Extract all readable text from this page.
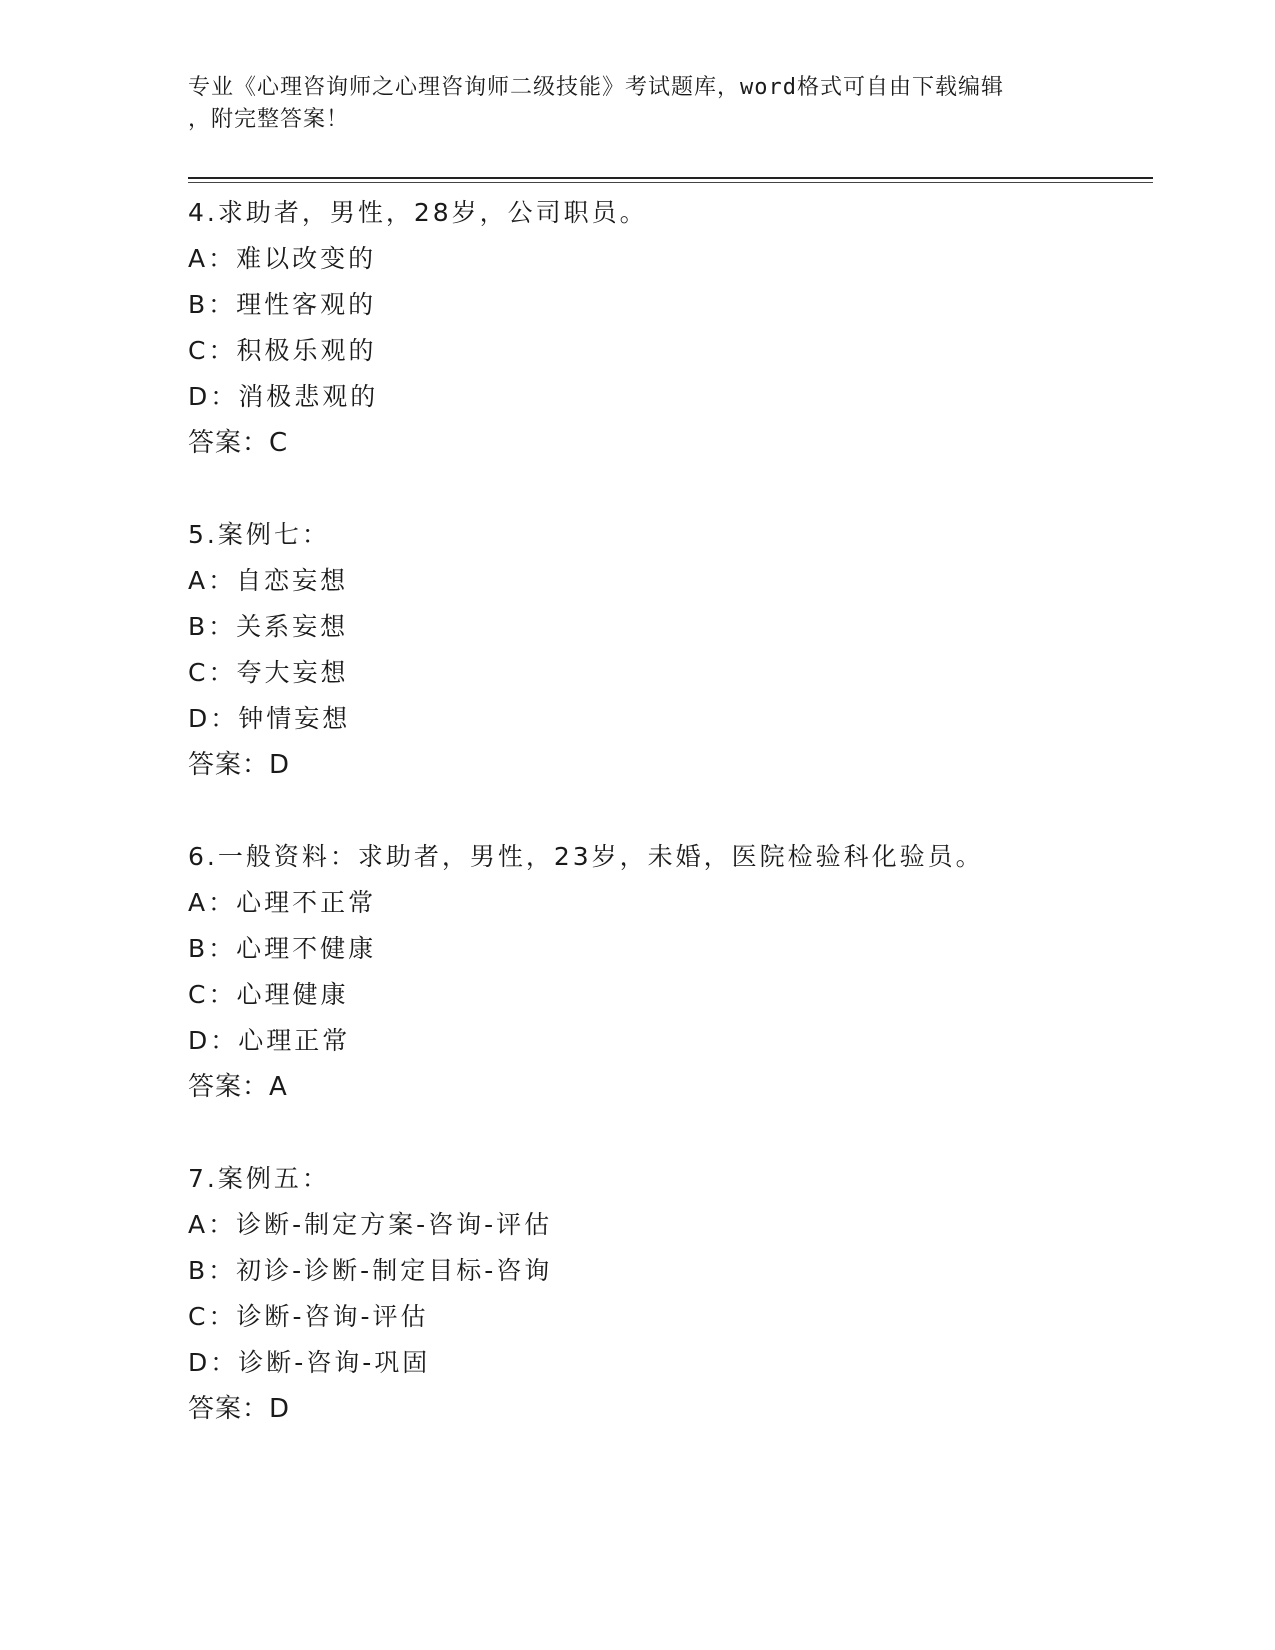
专业《心理咨询师之心理咨询师二级技能》考试题库，word格式可自由下载编辑
，附完整答案！
4.求助者，男性，28岁，公司职员。
A：难以改变的
B：理性客观的
C：积极乐观的
D：消极悲观的
答案：C
5.案例七：
A：自恋妄想
B：关系妄想
C：夸大妄想
D：钟情妄想
答案：D
6.一般资料：求助者，男性，23岁，未婚，医院检验科化验员。
A：心理不正常
B：心理不健康
C：心理健康
D：心理正常
答案：A
7.案例五：
A：诊断-制定方案-咨询-评估
B：初诊-诊断-制定目标-咨询
C：诊断-咨询-评估
D：诊断-咨询-巩固
答案：D
